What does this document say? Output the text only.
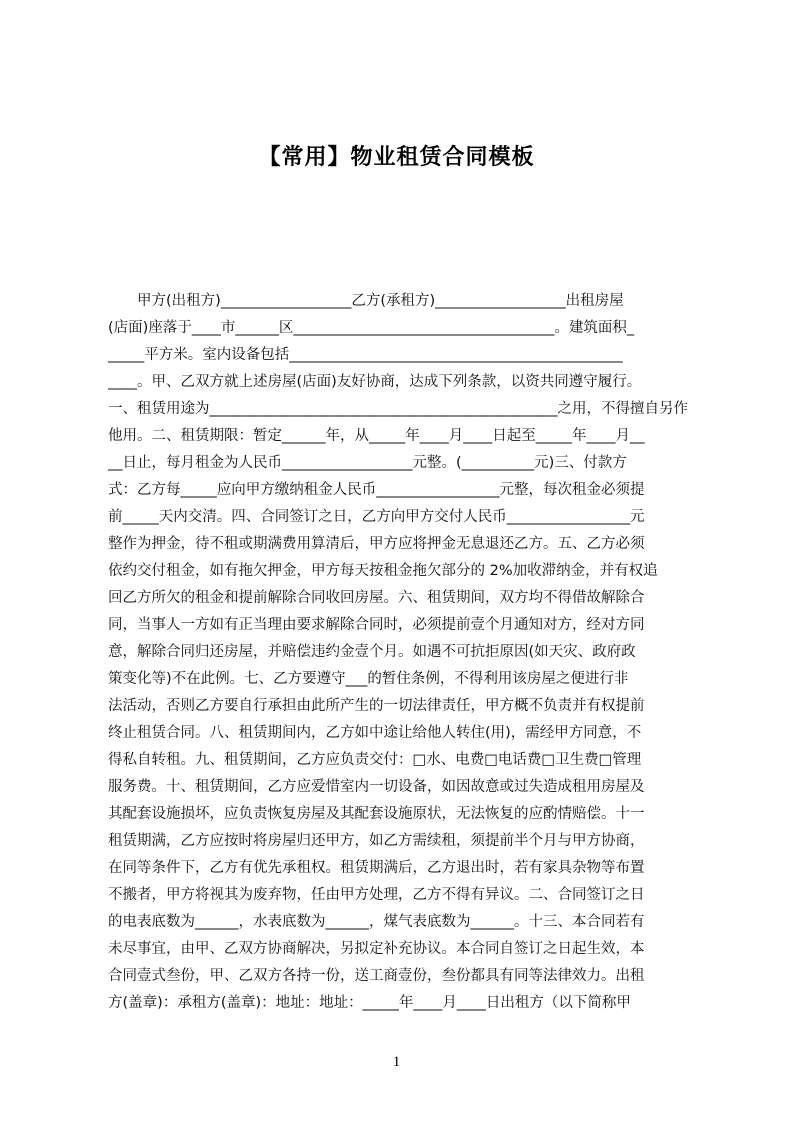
【常用】物业租赁合同模板
　　甲方(出租方)__________________乙方(承租方)__________________出租房屋
(店面)座落于____市______区____________________________________。建筑面积_
_____平方米。室内设备包括______________________________________________
____。甲、乙双方就上述房屋(店面)友好协商，达成下列条款，以资共同遵守履行。
一、租赁用途为________________________________________________之用，不得擅自另作
他用。二、租赁期限：暂定______年，从_____年____月____日起至_____年____月__
__日止，每月租金为人民币__________________元整。(__________元)三、付款方
式：乙方每_____应向甲方缴纳租金人民币_________________元整，每次租金必须提
前_____天内交清。四、合同签订之日，乙方向甲方交付人民币_________________元
整作为押金，待不租或期满费用算清后，甲方应将押金无息退还乙方。五、乙方必须
依约交付租金，如有拖欠押金，甲方每天按租金拖欠部分的 2%加收滞纳金，并有权追
回乙方所欠的租金和提前解除合同收回房屋。六、租赁期间，双方均不得借故解除合
同，当事人一方如有正当理由要求解除合同时，必须提前壹个月通知对方，经对方同
意，解除合同归还房屋，并赔偿违约金壹个月。如遇不可抗拒原因(如天灾、政府政
策变化等)不在此例。七、乙方要遵守___的暂住条例，不得利用该房屋之便进行非
法活动，否则乙方要自行承担由此所产生的一切法律责任，甲方概不负责并有权提前
终止租赁合同。八、租赁期间内，乙方如中途让给他人转住(用)，需经甲方同意，不
得私自转租。九、租赁期间，乙方应负责交付：□水、电费□电话费□卫生费□管理
服务费。十、租赁期间，乙方应爱惜室内一切设备，如因故意或过失造成租用房屋及
其配套设施损坏，应负责恢复房屋及其配套设施原状，无法恢复的应酌情赔偿。十一
租赁期满，乙方应按时将房屋归还甲方，如乙方需续租，须提前半个月与甲方协商，
在同等条件下，乙方有优先承租权。租赁期满后，乙方退出时，若有家具杂物等布置
不搬者，甲方将视其为废弃物，任由甲方处理，乙方不得有异议。二、合同签订之日
的电表底数为______，水表底数为______，煤气表底数为______。十三、本合同若有
未尽事宜，由甲、乙双方协商解决，另拟定补充协议。本合同自签订之日起生效，本
合同壹式叁份，甲、乙双方各持一份，送工商壹份，叁份都具有同等法律效力。出租
方(盖章)：承租方(盖章)：地址：地址：_____年____月____日出租方（以下简称甲
1
